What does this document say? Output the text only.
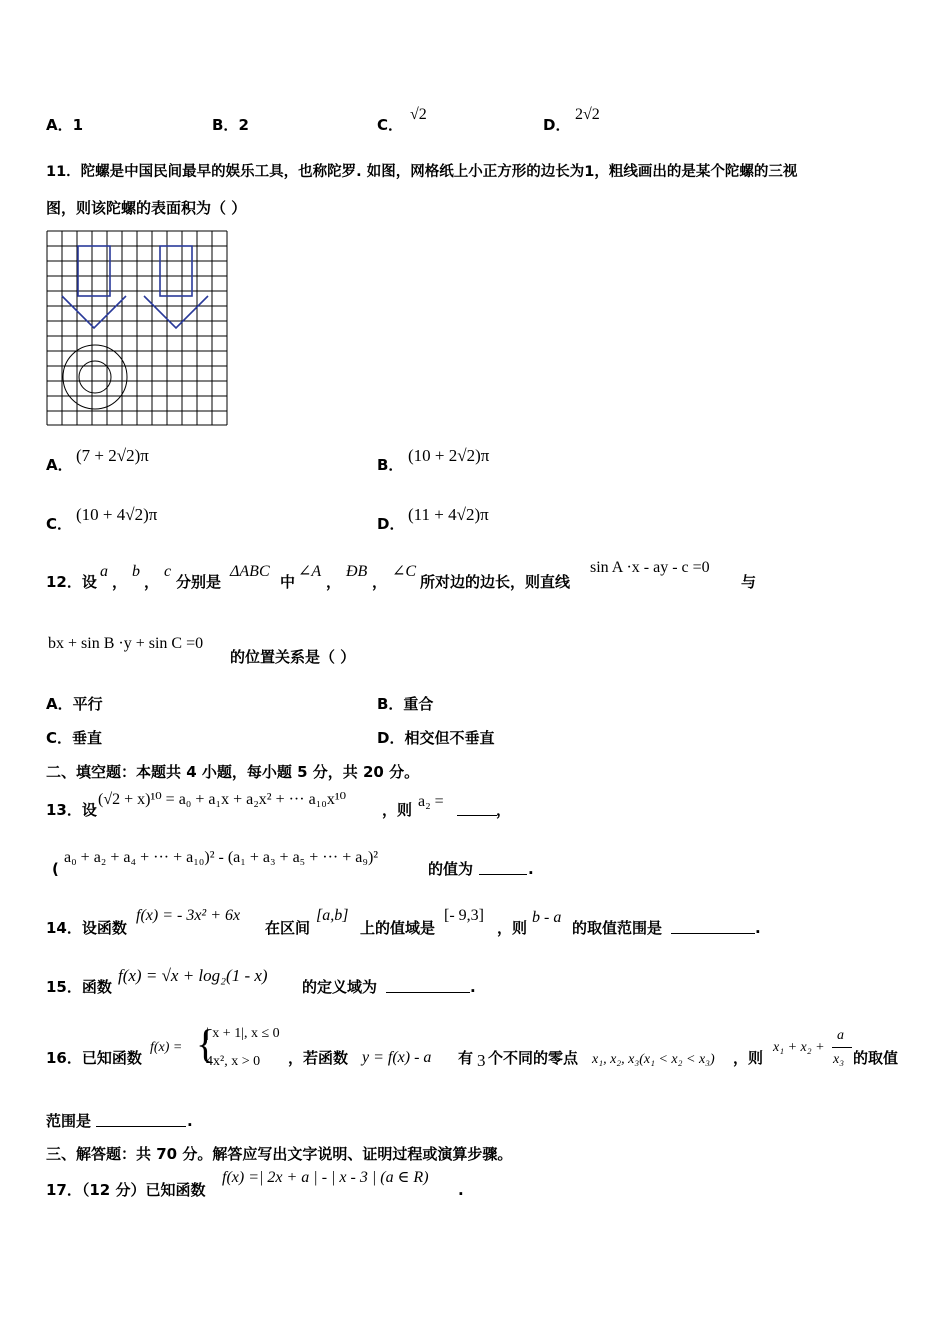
A．1	B．2	C．
√2
D．
2√2
11．陀螺是中国民间最早的娱乐工具，也称陀罗. 如图，网格纸上小正方形的边长为1，粗线画出的是某个陀螺的三视
图，则该陀螺的表面积为（ ）
A． (7 + 2√2)π	B． (10 + 2√2)π
C． (10 + 4√2)π	D． (11 + 4√2)π
12．设
a
，
b
，
c
分别是
ΔABC
中
∠A
，
ÐB
，
∠C
所对边的边长，则直线
sin A ·x - ay - c =0
与
bx + sin B ·y + sin C =0
的位置关系是（ ）
A．平行	B．重合
C．垂直	D．相交但不垂直
二、填空题：本题共 4 小题，每小题 5 分，共 20 分。
13．设
(√2 + x)¹⁰ = a₀ + a₁x + a₂x² + ··· a₁₀x¹⁰
，则 a₂ =	，
(
a₀ + a₂ + a₄ + ··· + a₁₀)² - (a₁ + a₃ + a₅ + ··· + a₉)²
的值为	.
14．设函数
f(x) = - 3x² + 6x
在区间
[a,b]
上的值域是
[- 9,3]
，则
b - a
的取值范围是	.
15．函数
f(x) = √x + log₂(1 - x)
的定义域为	.
16．已知函数
f(x) = {
| x + 1|, x ≤ 0
4x², x > 0 ，若函数 y = f(x) - a 有 3 个不同的零点 x₁, x₂, x₃(x₁ < x₂ < x₃) ，则
x₁ + x₂ +
a
x₃ 的取值
范围是	.
三、解答题：共 70 分。解答应写出文字说明、证明过程或演算步骤。
17．（12 分）已知函数
f(x) =| 2x + a | - | x - 3 | (a ∈ R)
.
